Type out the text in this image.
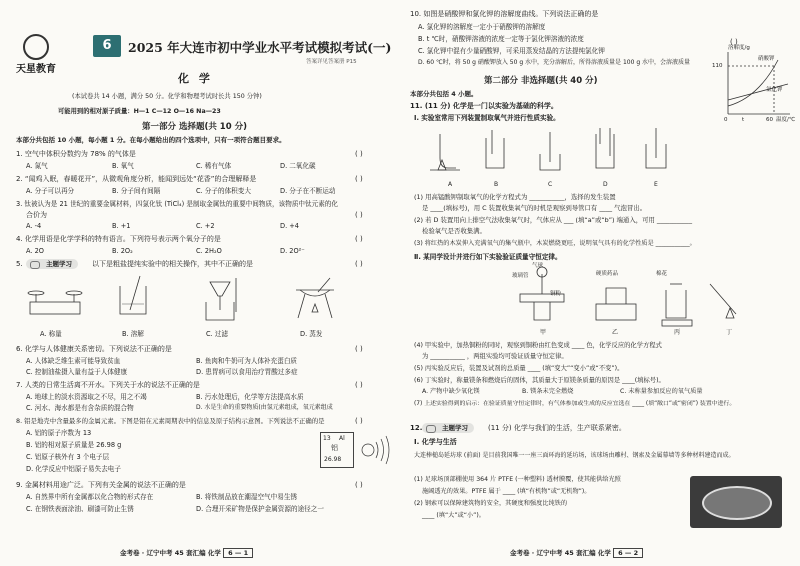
天星教育
6	2025 年大连市初中学业水平考试模拟考试(一)
答案详见答案册 P15
化 学
(本试卷共 14 小题，满分 50 分。化学和物理考试时长共 150 分钟)
可能用到的相对原子质量：H—1 C—12 O—16 Na—23
第一部分 选择题(共 10 分)
本部分共包括 10 小题，每小题 1 分。在每小题给出的四个选项中，只有一项符合题目要求。
1. 空气中体积分数约为 78% 的气体是	( )
A. 氮气	B. 氧气	C. 稀有气体	D. 二氧化碳
2. “闻鸡入眠，春暖花开”，从微观角度分析，能闻到远处“花香”的合理解释是	( )
A. 分子可以再分	B. 分子间有间隔	C. 分子的体积变大	D. 分子在不断运动
3. 钛被认为是 21 世纪的重要金属材料，四氯化钛 (TiCl₄) 是制取金属钛的重要中间物质，该物质中钛元素的化
合价为	( )
A. -4	B. +1	C. +2	D. +4
4. 化学用语是化学学科的特有语言。下列符号表示两个氧分子的是	( )
A. 2O	B. 2O₂	C. 2H₂O	D. 2O²⁻
5.	主题学习	以下是粗盐提纯实验中的相关操作，其中不正确的是	( )
A. 称量	B. 溶解	C. 过滤	D. 蒸发
6. 化学与人体健康关系密切。下列说法不正确的是	( )
A. 人体缺乏维生素可能导致贫血	B. 鱼肉和牛奶可为人体补充蛋白质
C. 控制油盐摄入量有益于人体健康	D. 患胃病可以食用治疗胃酸过多症
7. 人类的日常生活离不开水。下列关于水的说法不正确的是	( )
A. 地球上的淡水资源取之不尽，用之不竭	B. 污水处理后，化学等方法提高水质
C. 河水、海水都是有含杂质的混合物	D. 水是生命的重要物质(由氢元素组成，氧元素组成
8. 铝是地壳中含量最多的金属元素。下图是铝在元素周期表中的信息及原子结构示意图。下列说法不正确的是	( )
A. 铝的原子序数为 13
B. 铝的相对原子质量是 26.98 g
C. 铝原子核外有 3 个电子层
D. 化学反应中铝原子易失去电子
13 Al
铝
26.98
9. 金属材料用途广泛。下列有关金属的说法不正确的是	( )
A. 自然界中所有金属都以化合物的形式存在	B. 将铁制品放在潮湿空气中易生锈
C. 在钢铁表面涂油、刷漆可防止生锈	D. 合理开采矿物是保护金属资源的途径之一
金考卷 · 辽宁中考 45 套汇编 化学 6 — 1
10. 如图是硝酸钾和氯化钾的溶解度曲线。下列说法正确的是
( )
A. 氯化钾的溶解度一定小于硝酸钾的溶解度
B. t ℃时，硝酸钾溶液的浓度一定等于氯化钾溶液的浓度
C. 氯化钾中混有少量硝酸钾，可采用蒸发结晶的方法提纯氯化钾
D. 60 ℃时，将 50 g 硝酸钾放入 50 g 水中，充分溶解后，所得溶液质量是 100 g 水中，会溶液质量
溶解度/g
110
硝酸钾
氯化钾
0	t	60 温度/℃
第二部分 非选择题(共 40 分)
本部分共包括 4 小题。
11. (11 分) 化学是一门以实验为基础的科学。
Ⅰ. 实验室常用下列装置制取氧气并进行性质实验。
A	B	C	D	E
(1) 用高锰酸钾制取氧气的化学方程式为 ___________，选择的发生装置
是 ____(填标号)，用 C 装置收集氧气的时机是观察到导管口有 ____ 气泡冒出。
(2) 若 D 装置用向上排空气法收集氧气时，气体应从 ___ (填“a”或“b”) 端通入，可用 ___________
检验氧气是否收集满。
(3) 将红热的木炭伸入充满氧气的集气瓶中，木炭燃烧更旺，说明氧气具有的化学性质是 ___________。
Ⅱ. 某同学设计并进行如下实验验证质量守恒定律。
气球
玻璃管	硬质药品
铜粉
棉花
甲	乙	丙	丁
(4) 甲实验中，加热铜粉的同时，观察到铜粉由红色变成 ____ 色，化学反应的化学方程式
为 ___________ ，两组实验均可验证质量守恒定律。
(5) 丙实验反应后，装置及试剂的总质量 ____ (填“变大”“变小”或“不变”)。
(6) 丁实验时，称量镁条和燃烧后的固体，其质量大于原镁条质量的原因是 ____(填标号)。
A. 产物中缺少氧化镁	B. 镁条未完全燃烧	C. 未称量参加反应的氧气质量
(7) 上述实验得到的启示：在验证质量守恒定律时，有气体参加或生成的反应宜选在 ____ (填“敞口”或“密闭”) 装置中进行。
12.	主题学习	(11 分) 化学与我们的生活，生产联系紧密。
Ⅰ. 化学与生活
大连棒槌岛延坊球 (前面) 是目前我国唯一一座三面环海的延坊场，该球场由雕村、钢索及金属幕墙等多种材料建造而成。
(1) 足球场顶部棚使用 364 片 PTFE (一种塑料) 透材膜覆，使其能供给光照
施阔透光的效果。PTFE 属于 ____ (填“有机物”或“无机物”)。
(2) 钢索可以保障建筑物的安全，其硬度和强度比纯铁的
____ (填“大”或“小”)。
金考卷 · 辽宁中考 45 套汇编 化学 6 — 2
